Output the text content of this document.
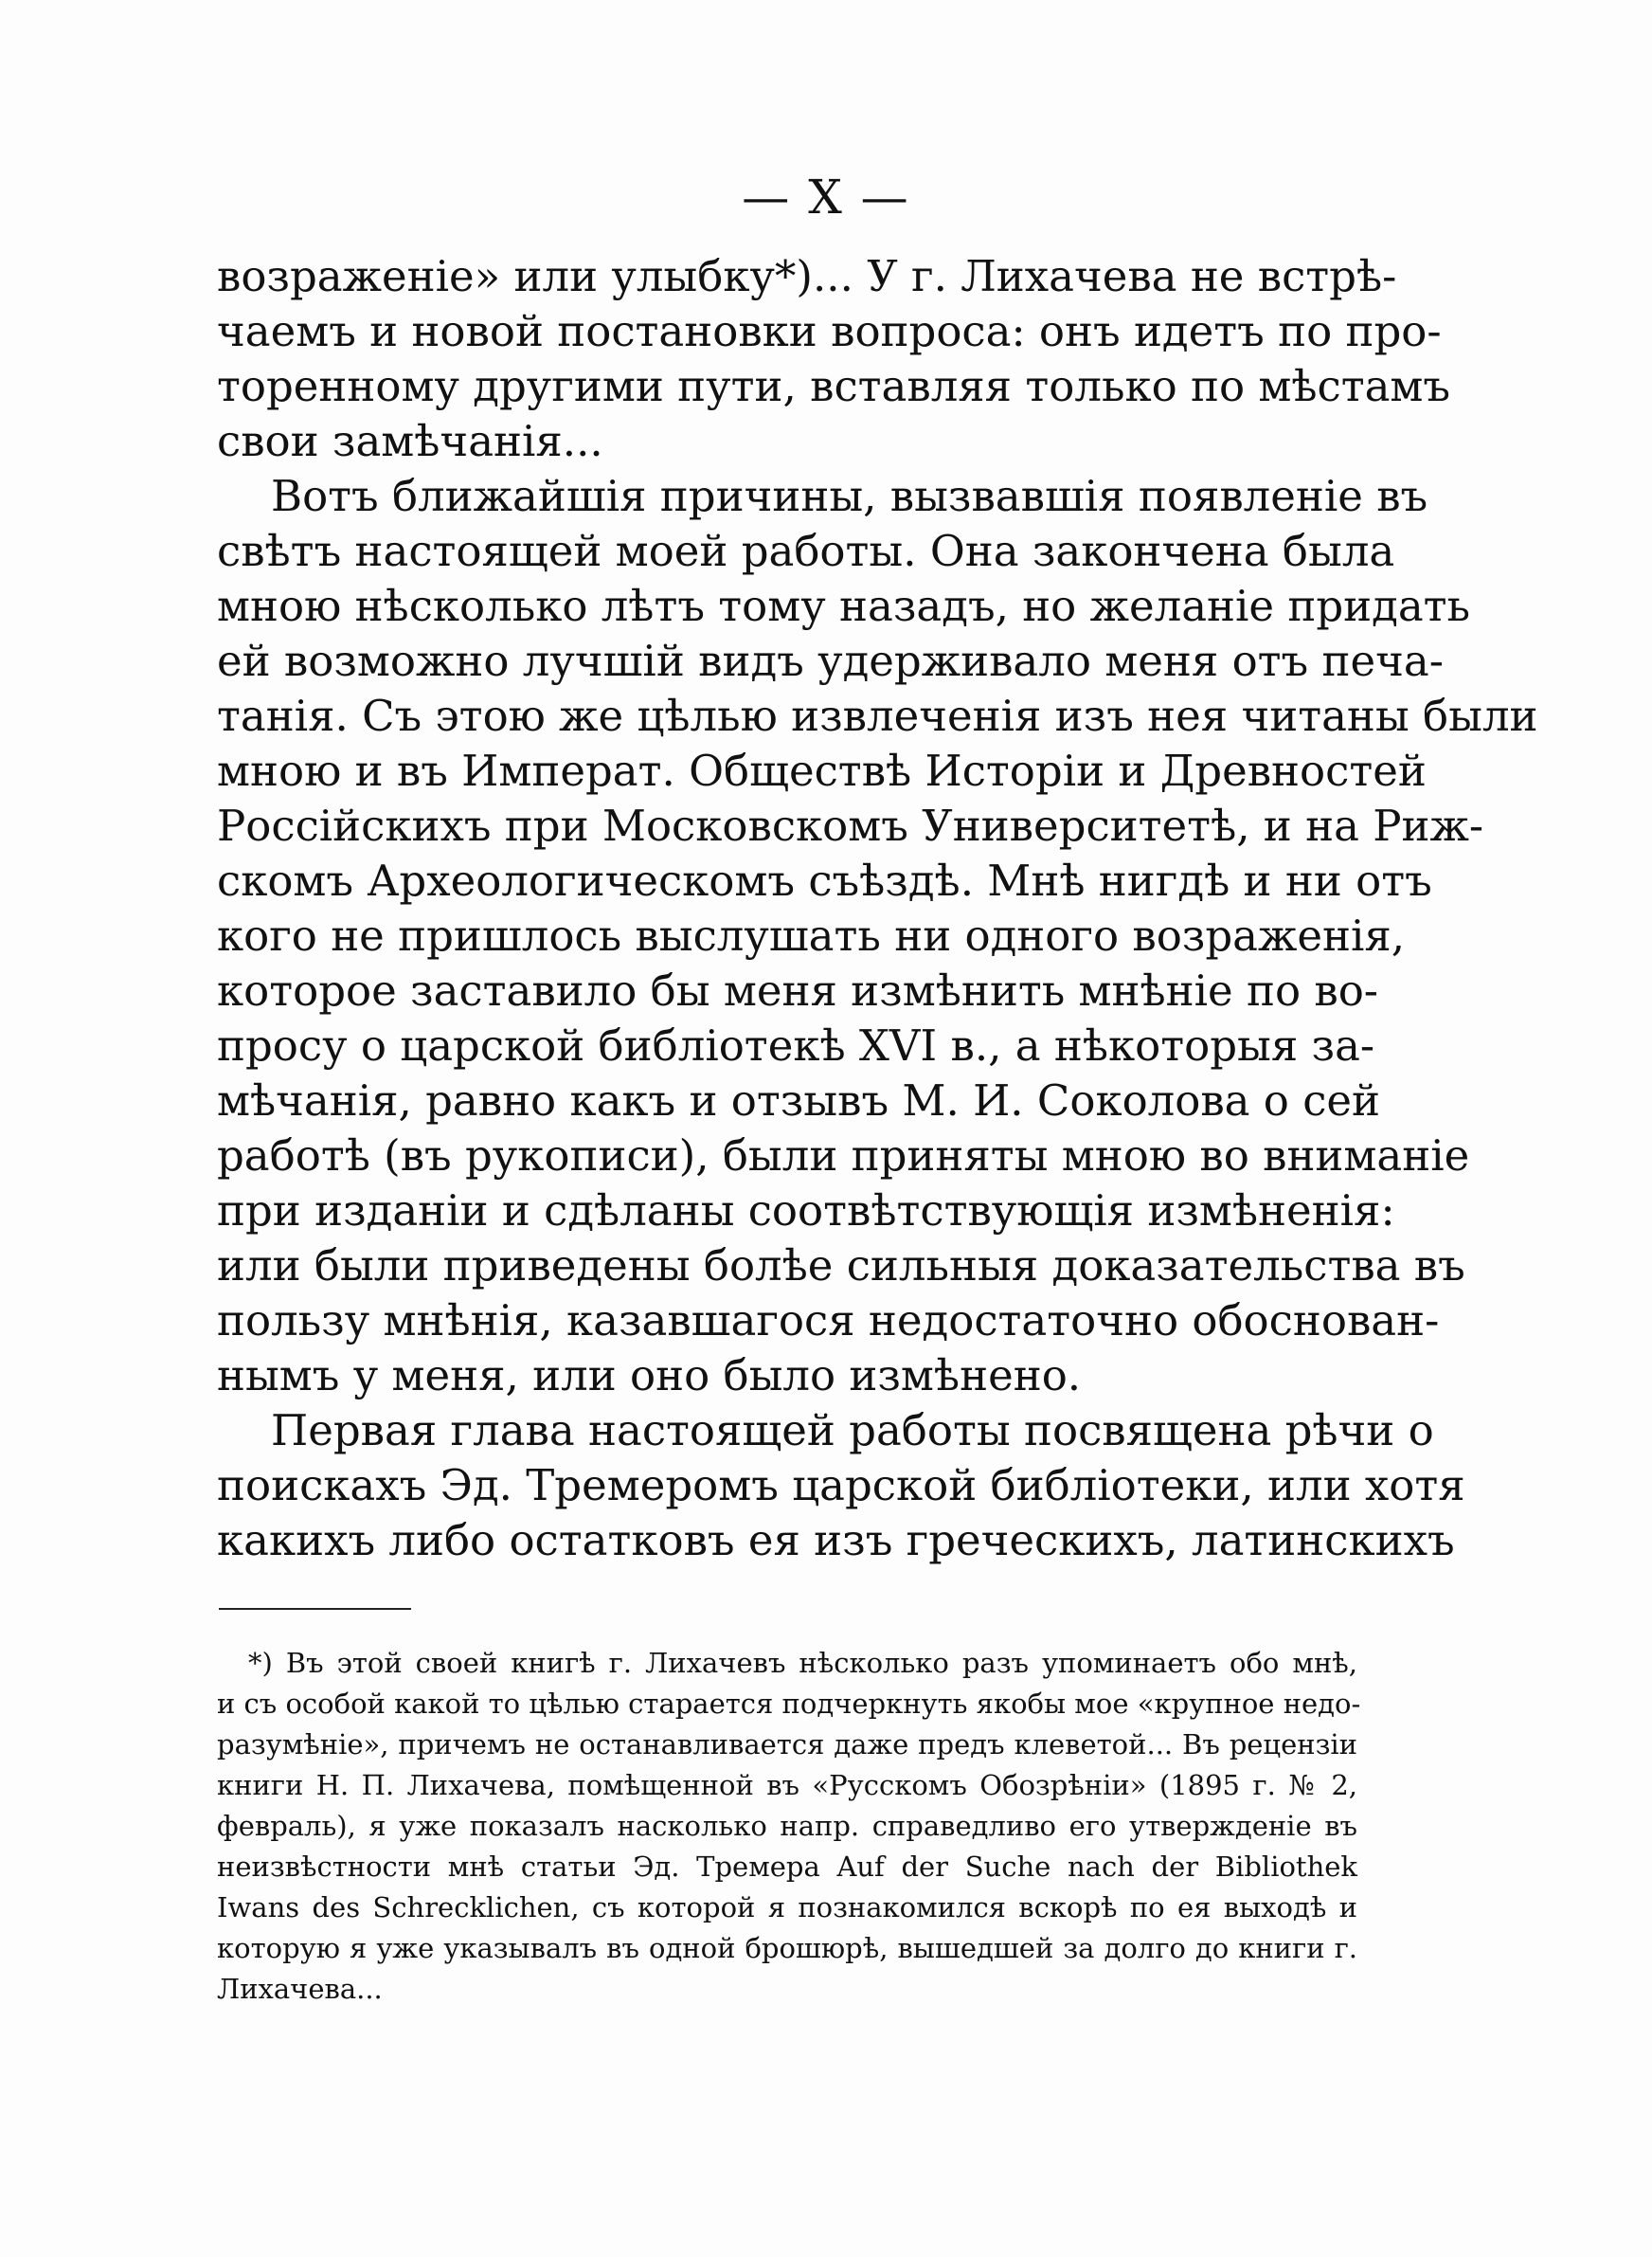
— X —

возраженіе» или улыбку*)... У г. Лихачева не встрѣ-

чаемъ и новой постановки вопроса: онъ идетъ по про-

торенному другими пути, вставляя только по мѣстамъ

свои замѣчанія...

Вотъ ближайшія причины, вызвавшія появленіе въ

свѣтъ настоящей моей работы. Она закончена была

мною нѣсколько лѣтъ тому назадъ, но желаніе придать

ей возможно лучшій видъ удерживало меня отъ печа-

танія. Съ этою же цѣлью извлеченія изъ нея читаны были

мною и въ Императ. Обществѣ Исторіи и Древностей

Россійскихъ при Московскомъ Университетѣ, и на Риж-

скомъ Археологическомъ съѣздѣ. Мнѣ нигдѣ и ни отъ

кого не пришлось выслушать ни одного возраженія,

которое заставило бы меня измѣнить мнѣніе по во-

просу о царской библіотекѣ XVI в., а нѣкоторыя за-

мѣчанія, равно какъ и отзывъ М. И. Соколова о сей

работѣ (въ рукописи), были приняты мною во вниманіе

при изданіи и сдѣланы соотвѣтствующія измѣненія:

или были приведены болѣе сильныя доказательства въ

пользу мнѣнія, казавшагося недостаточно обоснован-

нымъ у меня, или оно было измѣнено.

Первая глава настоящей работы посвящена рѣчи о

поискахъ Эд. Тремеромъ царской библіотеки, или хотя

какихъ либо остатковъ ея изъ греческихъ, латинскихъ

*) Въ этой своей книгѣ г. Лихачевъ нѣсколько разъ упоминаетъ обо мнѣ,

и съ особой какой то цѣлью старается подчеркнуть якобы мое «крупное недо-

разумѣніе», причемъ не останавливается даже предъ клеветой... Въ рецензіи

книги Н. П. Лихачева, помѣщенной въ «Русскомъ Обозрѣніи» (1895 г. № 2,

февраль), я уже показалъ насколько напр. справедливо его утвержденіе въ

неизвѣстности мнѣ статьи Эд. Тремера Auf der Suche nach der Bibliothek

Iwans des Schrecklichen, съ которой я познакомился вскорѣ по ея выходѣ и

которую я уже указывалъ въ одной брошюрѣ, вышедшей за долго до книги г.

Лихачева...
